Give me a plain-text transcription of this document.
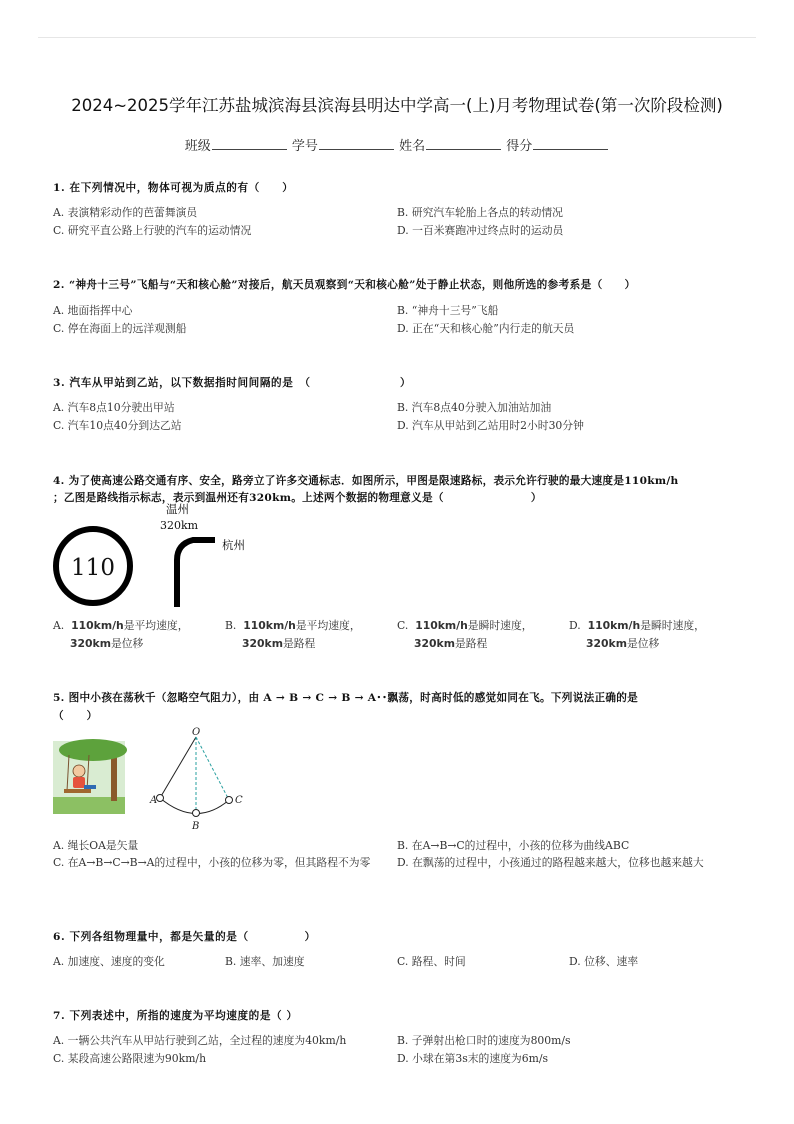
2024~2025学年江苏盐城滨海县滨海县明达中学高一(上)月考物理试卷(第一次阶段检测)
班级	学号	姓名	得分
1. 在下列情况中，物体可视为质点的有（　　）
A. 表演精彩动作的芭蕾舞演员	B. 研究汽车轮胎上各点的转动情况
C. 研究平直公路上行驶的汽车的运动情况	D. 一百米赛跑冲过终点时的运动员
2. “神舟十三号”飞船与“天和核心舱”对接后，航天员观察到“天和核心舱”处于静止状态，则他所选的参考系是（　　）
A. 地面指挥中心	B. “神舟十三号”飞船
C. 停在海面上的远洋观测船	D. 正在“天和核心舱”内行走的航天员
3. 汽车从甲站到乙站，以下数据指时间间隔的是　（　　　　　　　　）
A. 汽车8点10分驶出甲站	B. 汽车8点40分驶入加油站加油
C. 汽车10点40分到达乙站	D. 汽车从甲站到乙站用时2小时30分钟
4. 为了使高速公路交通有序、安全，路旁立了许多交通标志．如图所示，甲图是限速路标，表示允许行驶的最大速度是110km/h
；乙图是路线指示标志，表示到温州还有320km。上述两个数据的物理意义是（　　　　　　　　）
110
温州
320km
杭州
A. 110km/h是平均速度，
320km是位移
B. 110km/h是平均速度，
320km是路程
C. 110km/h是瞬时速度，
320km是路程
D. 110km/h是瞬时速度，
320km是位移
5. 图中小孩在荡秋千（忽略空气阻力），由 A → B → C → B → A･･飘荡，时高时低的感觉如同在飞。下列说法正确的是
（　　）
O
A
B
C
A. 绳长OA是矢量	B. 在A→B→C的过程中，小孩的位移为曲线ABC
C. 在A→B→C→B→A的过程中，小孩的位移为零，但其路程不为零	D. 在飘荡的过程中，小孩通过的路程越来越大，位移也越来越大
6. 下列各组物理量中，都是矢量的是（　　　　　）
A. 加速度、速度的变化	B. 速率、加速度	C. 路程、时间	D. 位移、速率
7. 下列表述中，所指的速度为平均速度的是（ ）
A. 一辆公共汽车从甲站行驶到乙站，全过程的速度为40km/h	B. 子弹射出枪口时的速度为800m/s
C. 某段高速公路限速为90km/h	D. 小球在第3s末的速度为6m/s
